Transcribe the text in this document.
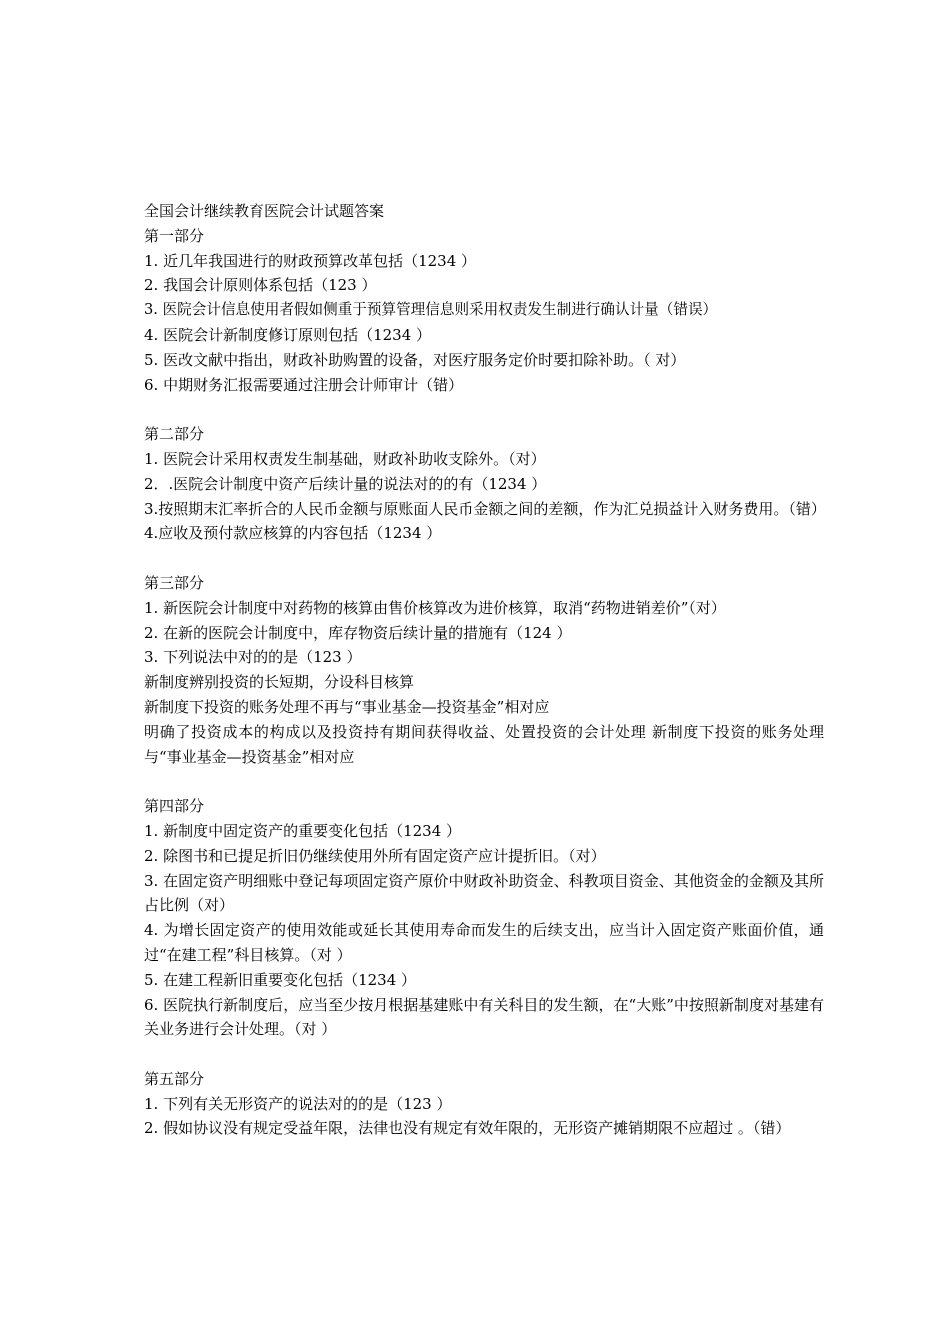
全国会计继续教育医院会计试题答案

第一部分

1. 近几年我国进行的财政预算改革包括（1234 ）

2. 我国会计原则体系包括（123 ）

3. 医院会计信息使用者假如侧重于预算管理信息则采用权责发生制进行确认计量（错误）

4. 医院会计新制度修订原则包括（1234 ）

5. 医改文献中指出，财政补助购置的设备，对医疗服务定价时要扣除补助。（ 对）

6. 中期财务汇报需要通过注册会计师审计（错）

第二部分

1. 医院会计采用权责发生制基础，财政补助收支除外。（对）

2．.医院会计制度中资产后续计量的说法对的的有（1234 ）

3.按照期末汇率折合的人民币金额与原账面人民币金额之间的差额，作为汇兑损益计入财务费用。（错）

4.应收及预付款应核算的内容包括（1234 ）

第三部分

1. 新医院会计制度中对药物的核算由售价核算改为进价核算，取消“药物进销差价”（对）

2. 在新的医院会计制度中，库存物资后续计量的措施有（124 ）

3. 下列说法中对的的是（123 ）

新制度辨别投资的长短期，分设科目核算

新制度下投资的账务处理不再与“事业基金—投资基金”相对应

明确了投资成本的构成以及投资持有期间获得收益、处置投资的会计处理 新制度下投资的账务处理与“事业基金—投资基金”相对应

第四部分

1. 新制度中固定资产的重要变化包括（1234 ）

2. 除图书和已提足折旧仍继续使用外所有固定资产应计提折旧。（对）

3. 在固定资产明细账中登记每项固定资产原价中财政补助资金、科教项目资金、其他资金的金额及其所占比例（对）

4. 为增长固定资产的使用效能或延长其使用寿命而发生的后续支出，应当计入固定资产账面价值，通过“在建工程”科目核算。（对 ）

5. 在建工程新旧重要变化包括（1234 ）

6. 医院执行新制度后，应当至少按月根据基建账中有关科目的发生额，在“大账”中按照新制度对基建有关业务进行会计处理。（对 ）

第五部分

1. 下列有关无形资产的说法对的的是（123 ）

2. 假如协议没有规定受益年限，法律也没有规定有效年限的，无形资产摊销期限不应超过 。（错）
